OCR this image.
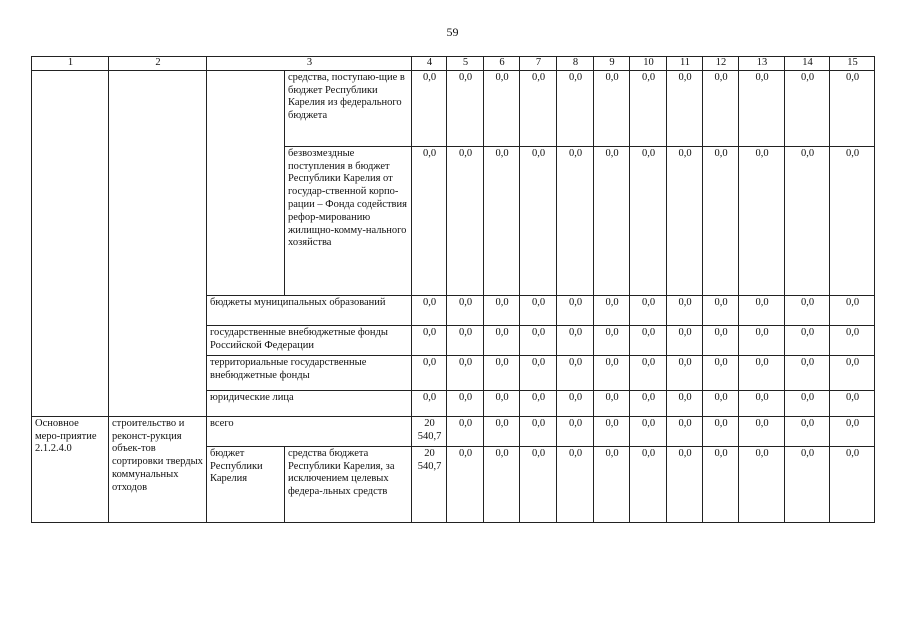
59
1	2	3		4	5	6	7	8	9	10	11	12	13	14	15
			средства, поступаю-щие в бюджет Республики Карелия из федерального бюджета	0,0	0,0	0,0	0,0	0,0	0,0	0,0	0,0	0,0	0,0	0,0	0,0
			безвозмездные поступления в бюджет Республики Карелия от государ-ственной корпо-рации – Фонда содействия рефор-мированию жилищно-комму-нального хозяйства	0,0	0,0	0,0	0,0	0,0	0,0	0,0	0,0	0,0	0,0	0,0	0,0
		бюджеты муниципальных образований		0,0	0,0	0,0	0,0	0,0	0,0	0,0	0,0	0,0	0,0	0,0	0,0
		государственные внебюджетные фонды Российской Федерации		0,0	0,0	0,0	0,0	0,0	0,0	0,0	0,0	0,0	0,0	0,0	0,0
		территориальные государственные внебюджетные фонды		0,0	0,0	0,0	0,0	0,0	0,0	0,0	0,0	0,0	0,0	0,0	0,0
		юридические лица		0,0	0,0	0,0	0,0	0,0	0,0	0,0	0,0	0,0	0,0	0,0	0,0
Основное меро-приятие 2.1.2.4.0	строительство и реконст-рукция объек-тов сортировки твердых коммунальных отходов	всего		20 540,7	0,0	0,0	0,0	0,0	0,0	0,0	0,0	0,0	0,0	0,0	0,0
		бюджет Республики Карелия	средства бюджета Республики Карелия, за исключением целевых федера-льных средств	20 540,7	0,0	0,0	0,0	0,0	0,0	0,0	0,0	0,0	0,0	0,0	0,0
